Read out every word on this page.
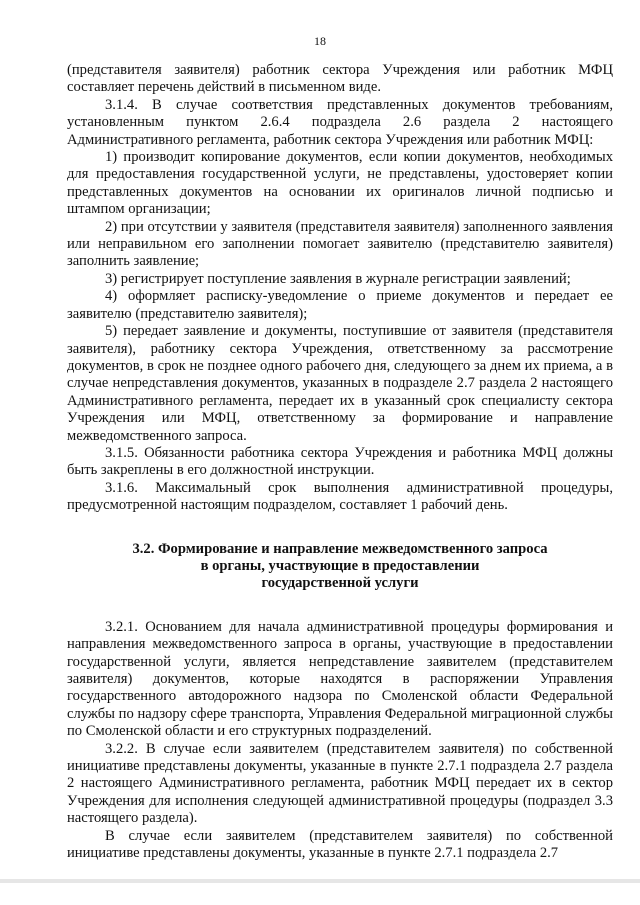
18

(представителя заявителя) работник сектора Учреждения или работник МФЦ составляет перечень действий в письменном виде.

3.1.4. В случае соответствия представленных документов требованиям, установленным пунктом 2.6.4 подраздела 2.6 раздела 2 настоящего Административного регламента, работник сектора Учреждения или работник МФЦ:

1) производит копирование документов, если копии документов, необходимых для предоставления государственной услуги, не представлены, удостоверяет копии представленных документов на основании их оригиналов личной подписью и штампом организации;

2) при отсутствии у заявителя (представителя заявителя) заполненного заявления или неправильном его заполнении помогает заявителю (представителю заявителя) заполнить заявление;

3) регистрирует поступление заявления в журнале регистрации заявлений;

4) оформляет расписку-уведомление о приеме документов и передает ее заявителю (представителю заявителя);

5) передает заявление и документы, поступившие от заявителя (представителя заявителя), работнику сектора Учреждения, ответственному за рассмотрение документов, в срок не позднее одного рабочего дня, следующего за днем их приема, а в случае непредставления документов, указанных в подразделе 2.7 раздела 2 настоящего Административного регламента, передает их в указанный срок специалисту сектора Учреждения или МФЦ, ответственному за формирование и направление межведомственного запроса.

3.1.5. Обязанности работника сектора Учреждения и работника МФЦ должны быть закреплены в его должностной инструкции.

3.1.6. Максимальный срок выполнения административной процедуры, предусмотренной настоящим подразделом, составляет 1 рабочий день.

3.2. Формирование и направление межведомственного запроса
в органы, участвующие в предоставлении
государственной услуги

3.2.1. Основанием для начала административной процедуры формирования и направления межведомственного запроса в органы, участвующие в предоставлении государственной услуги, является непредставление заявителем (представителем заявителя) документов, которые находятся в распоряжении Управления государственного автодорожного надзора по Смоленской области Федеральной службы по надзору сфере транспорта, Управления Федеральной миграционной службы по Смоленской области и его структурных подразделений.

3.2.2. В случае если заявителем (представителем заявителя) по собственной инициативе представлены документы, указанные в пункте 2.7.1 подраздела 2.7 раздела 2 настоящего Административного регламента, работник МФЦ передает их в сектор Учреждения для исполнения следующей административной процедуры (подраздел 3.3 настоящего раздела).

В случае если заявителем (представителем заявителя) по собственной инициативе представлены документы, указанные в пункте 2.7.1 подраздела 2.7
